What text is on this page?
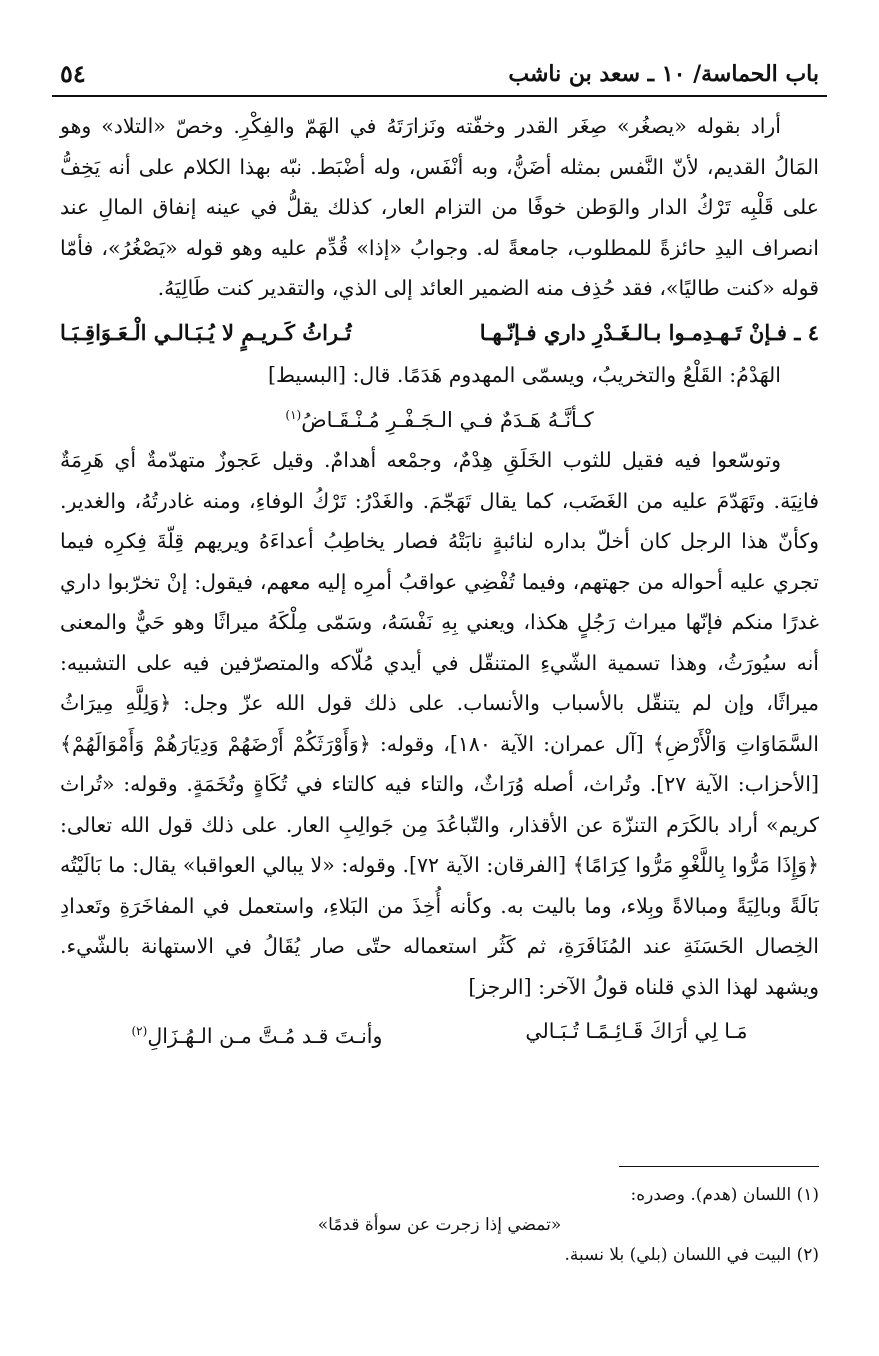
باب الحماسة/ ١٠ ـ سعد بن ناشب
٥٤

أراد بقوله «يصغُر» صِغَر القدر وخفّته ونَزارَتَهُ في الهَمّ والفِكْرِ. وخصّ «التلاد» وهو المَالُ القديم، لأنّ النَّفس بمثله أضَنُّ، وبه أنْفَس، وله أضْبَط. نبّه بهذا الكلام على أنه يَخِفُّ على قَلْبِه تَرْكُ الدار والوَطن خوفًا من التزام العار، كذلك يقلُّ في عينه إنفاق المالِ عند انصراف اليدِ حائزةً للمطلوب، جامعةً له. وجوابُ «إذا» قُدِّم عليه وهو قوله «يَصْغُرُ»، فأمّا قوله «كنت طاليًا»، فقد حُذِف منه الضمير العائد إلى الذي، والتقدير كنت طَالِيَهُ.

٤ ـ فـإنْ تَـهـدِمـوا بـالـغَـدْرِ داري فـإنّـهـا
تُـراثُ كَـريـمٍ لا يُـبَـالـي الْـعَـوَاقِـبَـا

الهَدْمُ: القَلْعُ والتخريبُ، ويسمّى المهدوم هَدَمًا. قال: [البسيط]

كـأنَّـهُ هَـدَمٌ فـي الـجَـفْـرِ مُـنْـقَـاضُ$^{(١)}$

وتوسّعوا فيه فقيل للثوب الخَلَقِ هِدْمٌ، وجمْعه أهدامٌ. وقيل عَجوزٌ متهدّمةٌ أي هَرِمَةٌ فانِيَة. وتَهَدّمَ عليه من الغَضَب، كما يقال تَهَجّمَ. والغَدْرُ: تَرْكُ الوفاءِ، ومنه غادرتُهُ، والغدير. وكأنّ هذا الرجل كان أخلّ بداره لنائبةٍ نابَتْهُ فصار يخاطِبُ أعداءَهُ ويريهم قِلّةَ فِكرِه فيما تجري عليه أحواله من جهتهم، وفيما تُفْضِي عواقبُ أمرِه إليه معهم، فيقول: إنْ تخرّبوا داري غدرًا منكم فإنّها ميراث رَجُلٍ هكذا، ويعني بِهِ نَفْسَهُ، وسَمّى مِلْكَهُ ميراثًا وهو حَيٌّ والمعنى أنه سيُورَثُ، وهذا تسمية الشّيءِ المتنقّل في أيدي مُلّاكه والمتصرّفين فيه على التشبيه: ميراثًا، وإن لم يتنقّل بالأسباب والأنساب. على ذلك قول الله عزّ وجل: ﴿وَلِلَّهِ مِيرَاثُ السَّمَاوَاتِ وَالْأَرْضِ﴾ [آل عمران: الآية ١٨٠]، وقوله: ﴿وَأَوْرَثَكُمْ أَرْضَهُمْ وَدِيَارَهُمْ وَأَمْوَالَهُمْ﴾ [الأحزاب: الآية ٢٧]. وتُراث، أصله وُرَاثٌ، والتاء فيه كالتاء في تُكَاةٍ وتُخَمَةٍ. وقوله: «تُراث كريم» أراد بالكَرَم التنزّهَ عن الأقذار، والتّباعُدَ مِن جَوالِبِ العار. على ذلك قول الله تعالى: ﴿وَإِذَا مَرُّوا بِاللَّغْوِ مَرُّوا كِرَامًا﴾ [الفرقان: الآية ٧٢]. وقوله: «لا يبالي العواقبا» يقال: ما بَالَيْتُه بَالَةً وبالِيَةً ومبالاةً وبِلاء، وما باليت به. وكأنه أُخِذَ من البَلاءِ، واستعمل في المفاخَرَةِ وتَعدادِ الخِصال الحَسَنَةِ عند المُنَافَرَةِ، ثم كَثُر استعماله حتّى صار يُقَالُ في الاستهانة بالشّيء. ويشهد لهذا الذي قلناه قولُ الآخر: [الرجز]

مَـا لِي أرَاكَ قَـائِـمًـا تُـبَـالي
وأنـتَ قـد مُـتَّ مـن الـهُـزَالِ$^{(٢)}$

(١) اللسان (هدم). وصدره:

«تمضي إذا زجرت عن سوأة قدمًا»

(٢) البيت في اللسان (بلي) بلا نسبة.
